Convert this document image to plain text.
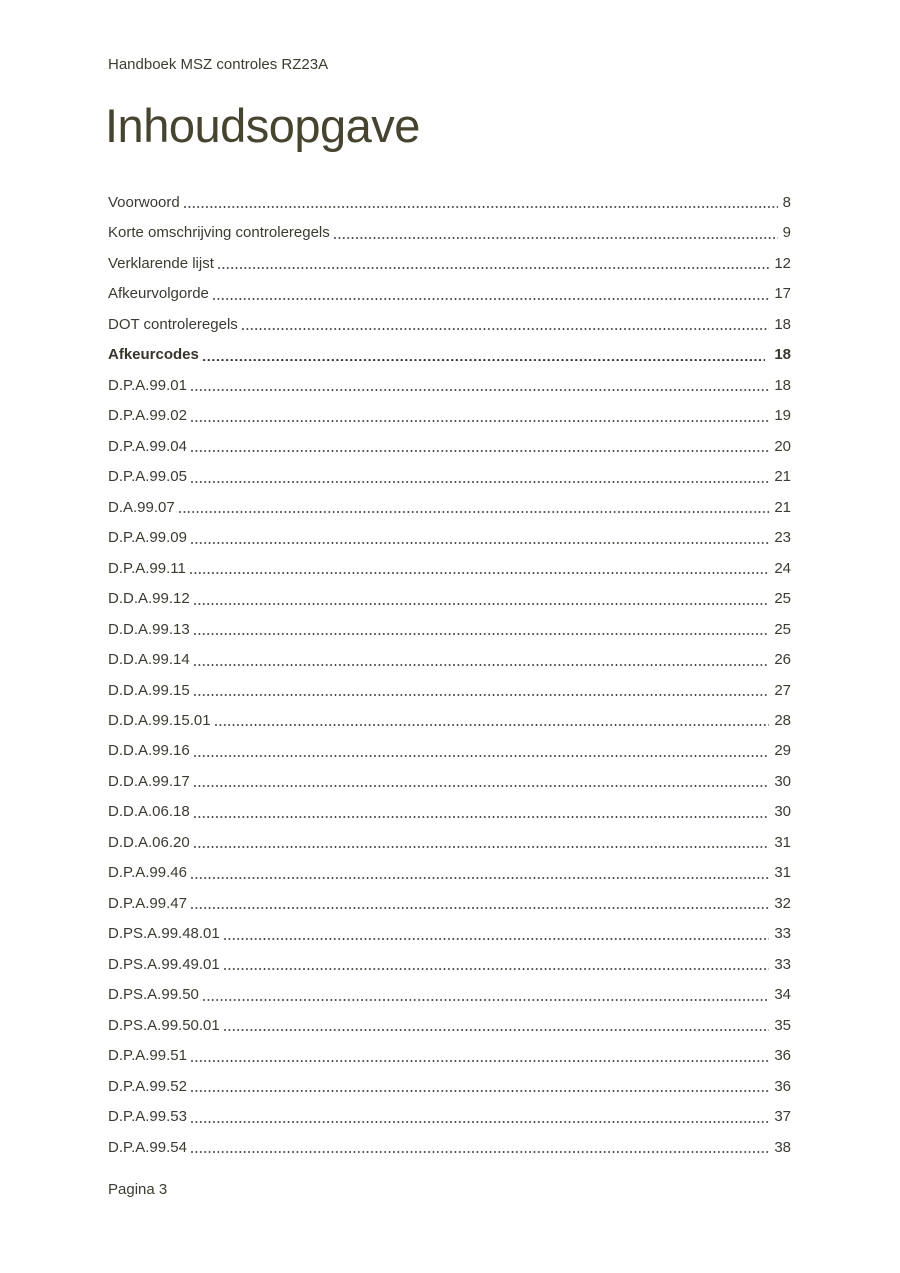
Handboek MSZ controles RZ23A
Inhoudsopgave
Voorwoord	8
Korte omschrijving controleregels	9
Verklarende lijst	12
Afkeurvolgorde	17
DOT controleregels	18
Afkeurcodes	18
D.P.A.99.01	18
D.P.A.99.02	19
D.P.A.99.04	20
D.P.A.99.05	21
D.A.99.07	21
D.P.A.99.09	23
D.P.A.99.11	24
D.D.A.99.12	25
D.D.A.99.13	25
D.D.A.99.14	26
D.D.A.99.15	27
D.D.A.99.15.01	28
D.D.A.99.16	29
D.D.A.99.17	30
D.D.A.06.18	30
D.D.A.06.20	31
D.P.A.99.46	31
D.P.A.99.47	32
D.PS.A.99.48.01	33
D.PS.A.99.49.01	33
D.PS.A.99.50	34
D.PS.A.99.50.01	35
D.P.A.99.51	36
D.P.A.99.52	36
D.P.A.99.53	37
D.P.A.99.54	38
Pagina 3
